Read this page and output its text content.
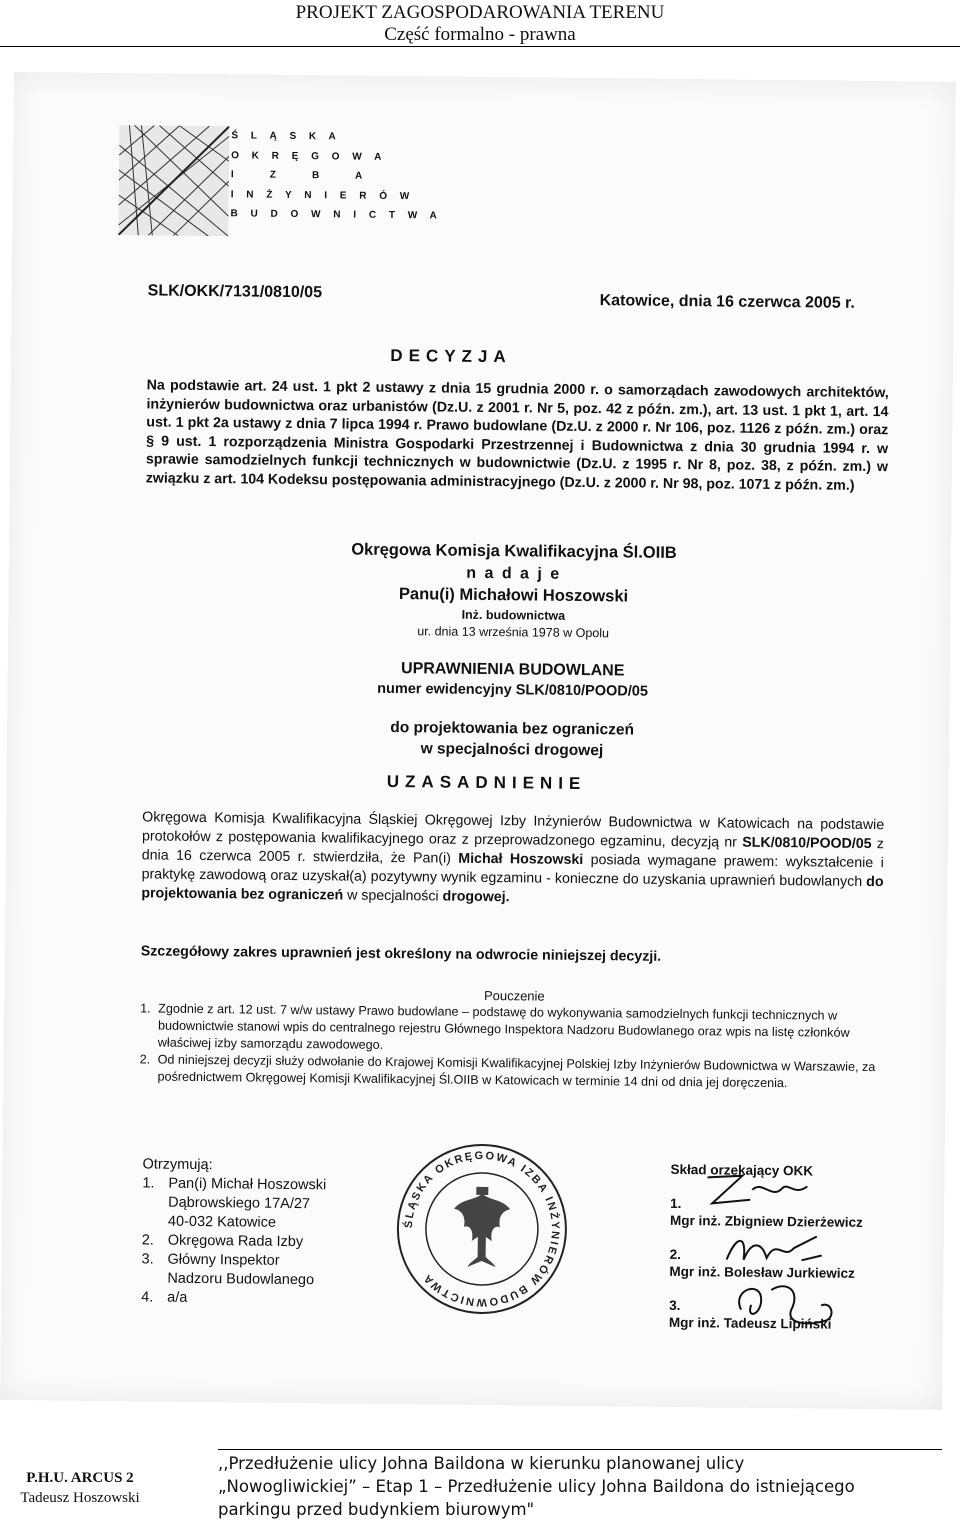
PROJEKT ZAGOSPODAROWANIA TERENU
Część formalno - prawna
Ś L Ą S K A
O K R Ę G O W A
I    Z    B    A
I N Ż Y N I E R Ó W
B U D O W N I C T W A
SLK/OKK/7131/0810/05
Katowice, dnia 16 czerwca 2005 r.
DECYZJA
Na podstawie art. 24 ust. 1 pkt 2 ustawy z dnia 15 grudnia 2000 r. o samorządach zawodowych architektów, inżynierów budownictwa oraz urbanistów (Dz.U. z 2001 r. Nr 5, poz. 42 z późn. zm.), art. 13 ust. 1 pkt 1, art. 14 ust. 1 pkt 2a ustawy z dnia 7 lipca 1994 r. Prawo budowlane (Dz.U. z 2000 r. Nr 106, poz. 1126 z późn. zm.) oraz § 9 ust. 1 rozporządzenia Ministra Gospodarki Przestrzennej i Budownictwa z dnia 30 grudnia 1994 r. w sprawie samodzielnych funkcji technicznych w budownictwie (Dz.U. z 1995 r. Nr 8, poz. 38, z późn. zm.) w związku z art. 104 Kodeksu postępowania administracyjnego (Dz.U. z 2000 r. Nr 98, poz. 1071 z późn. zm.)
Okręgowa Komisja Kwalifikacyjna Śl.OIIB
n a d a j e
Panu(i) Michałowi Hoszowski
Inż. budownictwa
ur. dnia 13 września 1978 w Opolu
UPRAWNIENIA BUDOWLANE
numer ewidencyjny SLK/0810/POOD/05
do projektowania bez ograniczeń
w specjalności drogowej
UZASADNIENIE
Okręgowa Komisja Kwalifikacyjna Śląskiej Okręgowej Izby Inżynierów Budownictwa w Katowicach na podstawie protokołów z postępowania kwalifikacyjnego oraz z przeprowadzonego egzaminu, decyzją nr SLK/0810/POOD/05 z dnia 16 czerwca 2005 r. stwierdziła, że Pan(i) Michał Hoszowski posiada wymagane prawem: wykształcenie i praktykę zawodową oraz uzyskał(a) pozytywny wynik egzaminu - konieczne do uzyskania uprawnień budowlanych do projektowania bez ograniczeń w specjalności drogowej.
Szczegółowy zakres uprawnień jest określony na odwrocie niniejszej decyzji.
Pouczenie
1. Zgodnie z art. 12 ust. 7 w/w ustawy Prawo budowlane – podstawę do wykonywania samodzielnych funkcji technicznych w budownictwie stanowi wpis do centralnego rejestru Głównego Inspektora Nadzoru Budowlanego oraz wpis na listę członków właściwej izby samorządu zawodowego.
2. Od niniejszej decyzji służy odwołanie do Krajowej Komisji Kwalifikacyjnej Polskiej Izby Inżynierów Budownictwa w Warszawie, za pośrednictwem Okręgowej Komisji Kwalifikacyjnej Śl.OIIB w Katowicach w terminie 14 dni od dnia jej doręczenia.
Otrzymują:
1. Pan(i) Michał Hoszowski
Dąbrowskiego 17A/27
40-032 Katowice
2. Okręgowa Rada Izby
3. Główny Inspektor
Nadzoru Budowlanego
4. a/a
ŚLĄSKA OKRĘGOWA IZBA INŻYNIERÓW BUDOWNICTWA
Skład orzekający OKK
1.
Mgr inż. Zbigniew Dzierżewicz
2.
Mgr inż. Bolesław Jurkiewicz
3.
Mgr inż. Tadeusz Lipiński
P.H.U. ARCUS 2
Tadeusz Hoszowski
,,Przedłużenie ulicy Johna Baildona w kierunku planowanej ulicy
„Nowogliwickiej” – Etap 1 – Przedłużenie ulicy Johna Baildona do istniejącego
parkingu przed budynkiem biurowym"
